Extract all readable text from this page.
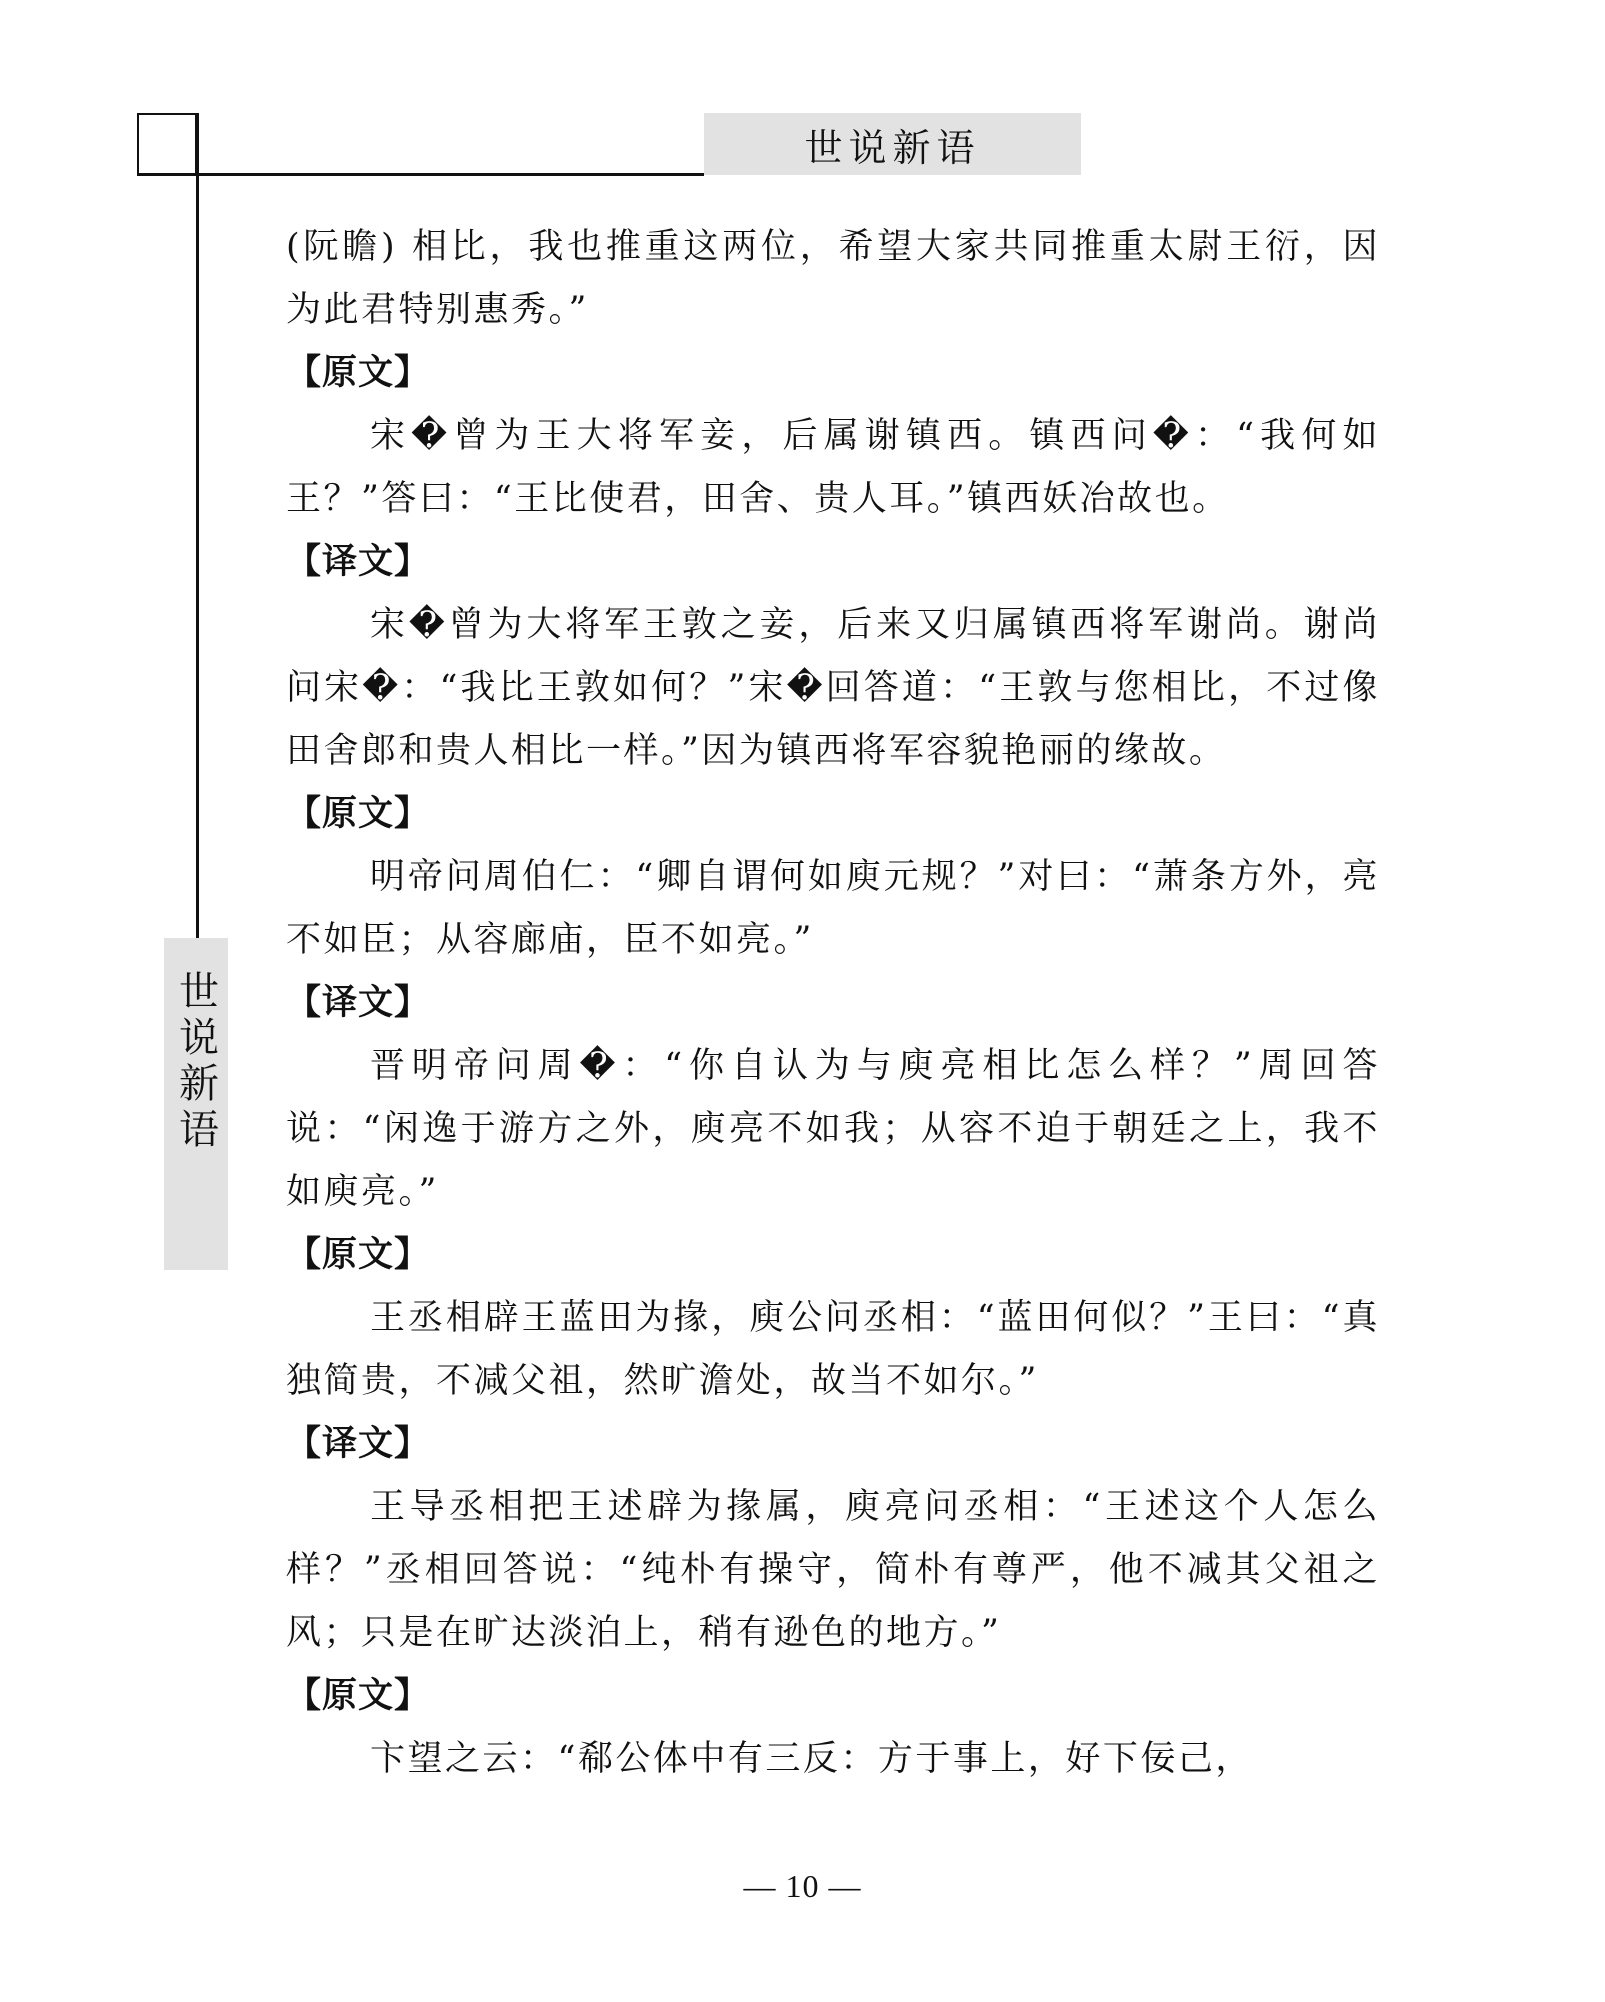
世说新语
世说新语

(阮瞻) 相比，我也推重这两位，希望大家共同推重太尉王衍，因为此君特别惠秀。”

【原文】

宋�曾为王大将军妾，后属谢镇西。镇西问�：“我何如王？”答曰：“王比使君，田舍、贵人耳。”镇西妖冶故也。

【译文】

宋�曾为大将军王敦之妾，后来又归属镇西将军谢尚。谢尚问宋�：“我比王敦如何？”宋�回答道：“王敦与您相比，不过像田舍郎和贵人相比一样。”因为镇西将军容貌艳丽的缘故。

【原文】

明帝问周伯仁：“卿自谓何如庾元规？”对曰：“萧条方外，亮不如臣；从容廊庙，臣不如亮。”

【译文】

晋明帝问周�：“你自认为与庾亮相比怎么样？”周回答说：“闲逸于游方之外，庾亮不如我；从容不迫于朝廷之上，我不如庾亮。”

【原文】

王丞相辟王蓝田为掾，庾公问丞相：“蓝田何似？”王曰：“真独简贵，不减父祖，然旷澹处，故当不如尔。”

【译文】

王导丞相把王述辟为掾属，庾亮问丞相：“王述这个人怎么样？”丞相回答说：“纯朴有操守，简朴有尊严，他不减其父祖之风；只是在旷达淡泊上，稍有逊色的地方。”

【原文】

卞望之云：“郗公体中有三反：方于事上，好下佞己，

— 10 —
